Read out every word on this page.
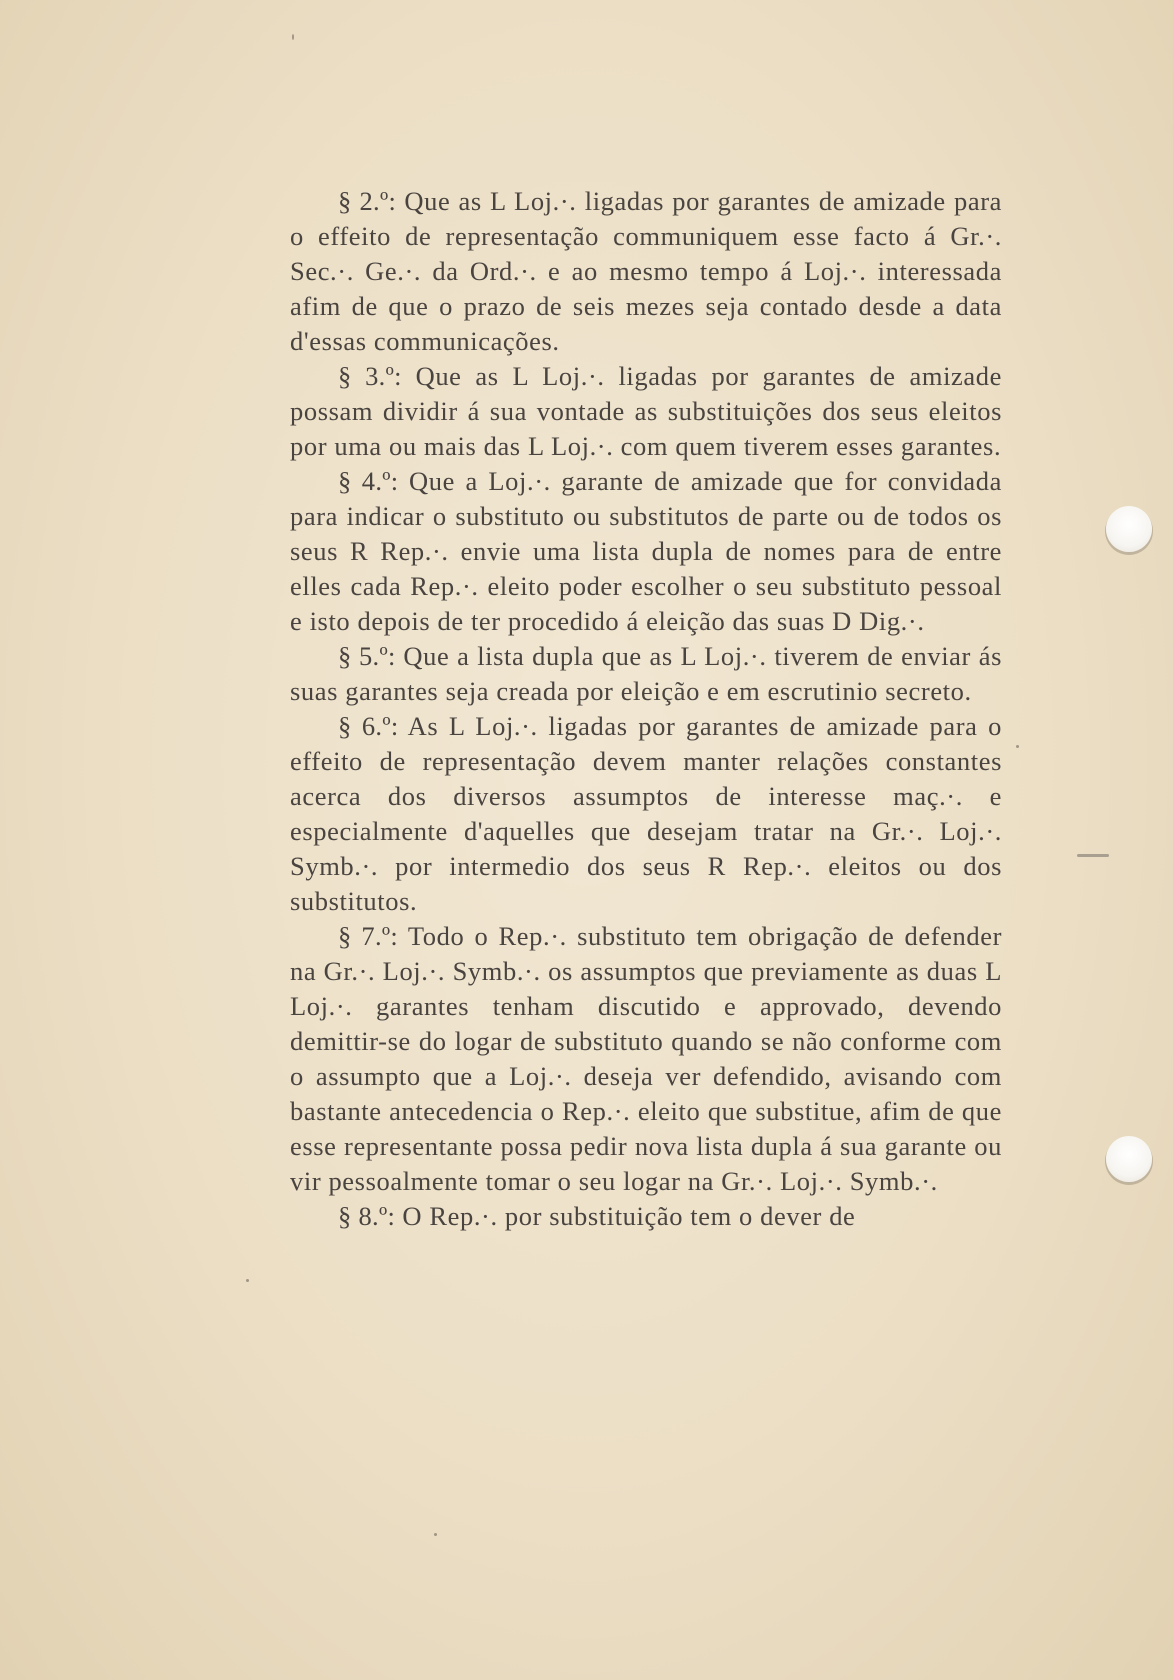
§ 2.º: Que as L Loj.·. ligadas por garantes de amizade para o effeito de representação communiquem esse facto á Gr.·. Sec.·. Ge.·. da Ord.·. e ao mesmo tempo á Loj.·. interessada afim de que o prazo de seis mezes seja contado desde a data d'essas communicações.

§ 3.º: Que as L Loj.·. ligadas por garantes de amizade possam dividir á sua vontade as substituições dos seus eleitos por uma ou mais das L Loj.·. com quem tiverem esses garantes.

§ 4.º: Que a Loj.·. garante de amizade que for convidada para indicar o substituto ou substitutos de parte ou de todos os seus R Rep.·. envie uma lista dupla de nomes para de entre elles cada Rep.·. eleito poder escolher o seu substituto pessoal e isto depois de ter procedido á eleição das suas D Dig.·.

§ 5.º: Que a lista dupla que as L Loj.·. tiverem de enviar ás suas garantes seja creada por eleição e em escrutinio secreto.

§ 6.º: As L Loj.·. ligadas por garantes de amizade para o effeito de representação devem manter relações constantes acerca dos diversos assumptos de interesse maç.·. e especialmente d'aquelles que desejam tratar na Gr.·. Loj.·. Symb.·. por intermedio dos seus R Rep.·. eleitos ou dos substitutos.

§ 7.º: Todo o Rep.·. substituto tem obrigação de defender na Gr.·. Loj.·. Symb.·. os assumptos que previamente as duas L Loj.·. garantes tenham discutido e approvado, devendo demittir-se do logar de substituto quando se não conforme com o assumpto que a Loj.·. deseja ver defendido, avisando com bastante antecedencia o Rep.·. eleito que substitue, afim de que esse representante possa pedir nova lista dupla á sua garante ou vir pessoalmente tomar o seu logar na Gr.·. Loj.·. Symb.·.

§ 8.º: O Rep.·. por substituição tem o dever de
